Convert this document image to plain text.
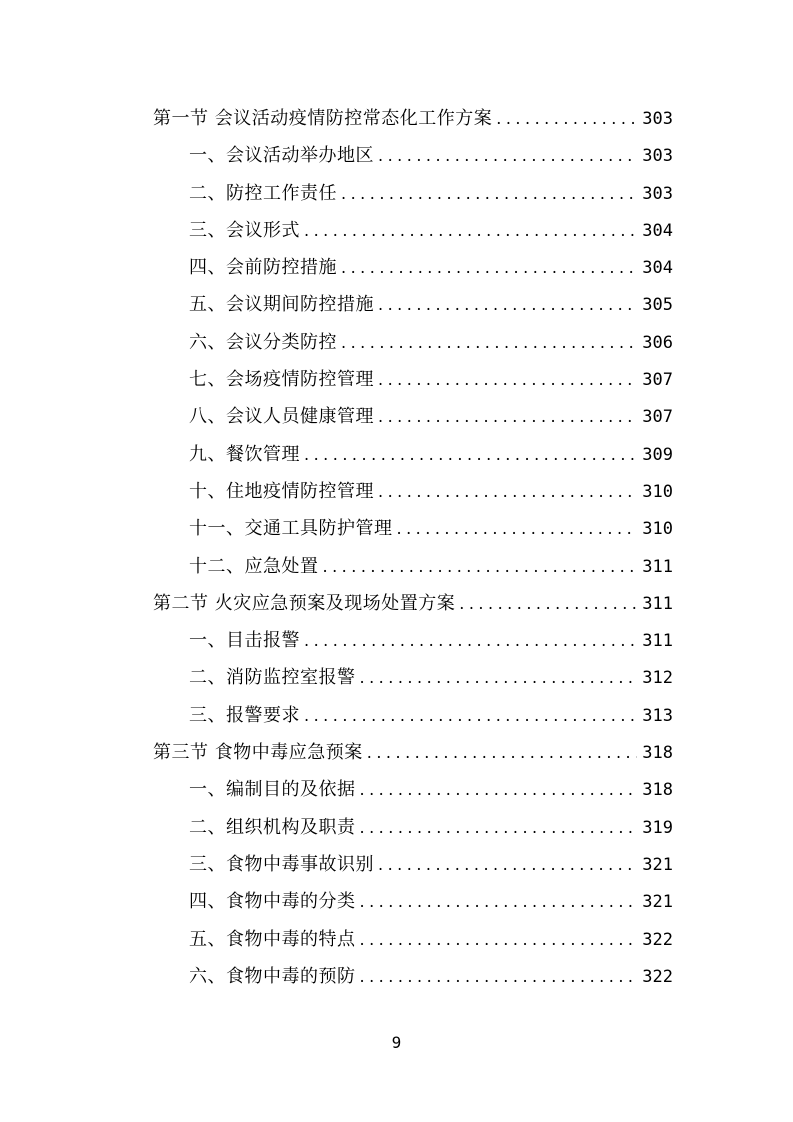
第一节 会议活动疫情防控常态化工作方案 .....	303
一、会议活动举办地区 .....	303
二、防控工作责任 .....	303
三、会议形式 .....	304
四、会前防控措施 .....	304
五、会议期间防控措施 .....	305
六、会议分类防控 .....	306
七、会场疫情防控管理 .....	307
八、会议人员健康管理 .....	307
九、餐饮管理 .....	309
十、住地疫情防控管理 .....	310
十一、交通工具防护管理 .....	310
十二、应急处置 .....	311
第二节 火灾应急预案及现场处置方案 .....	311
一、目击报警 .....	311
二、消防监控室报警 .....	312
三、报警要求 .....	313
第三节 食物中毒应急预案 .....	318
一、编制目的及依据 .....	318
二、组织机构及职责 .....	319
三、食物中毒事故识别 .....	321
四、食物中毒的分类 .....	321
五、食物中毒的特点 .....	322
六、食物中毒的预防 .....	322
9
